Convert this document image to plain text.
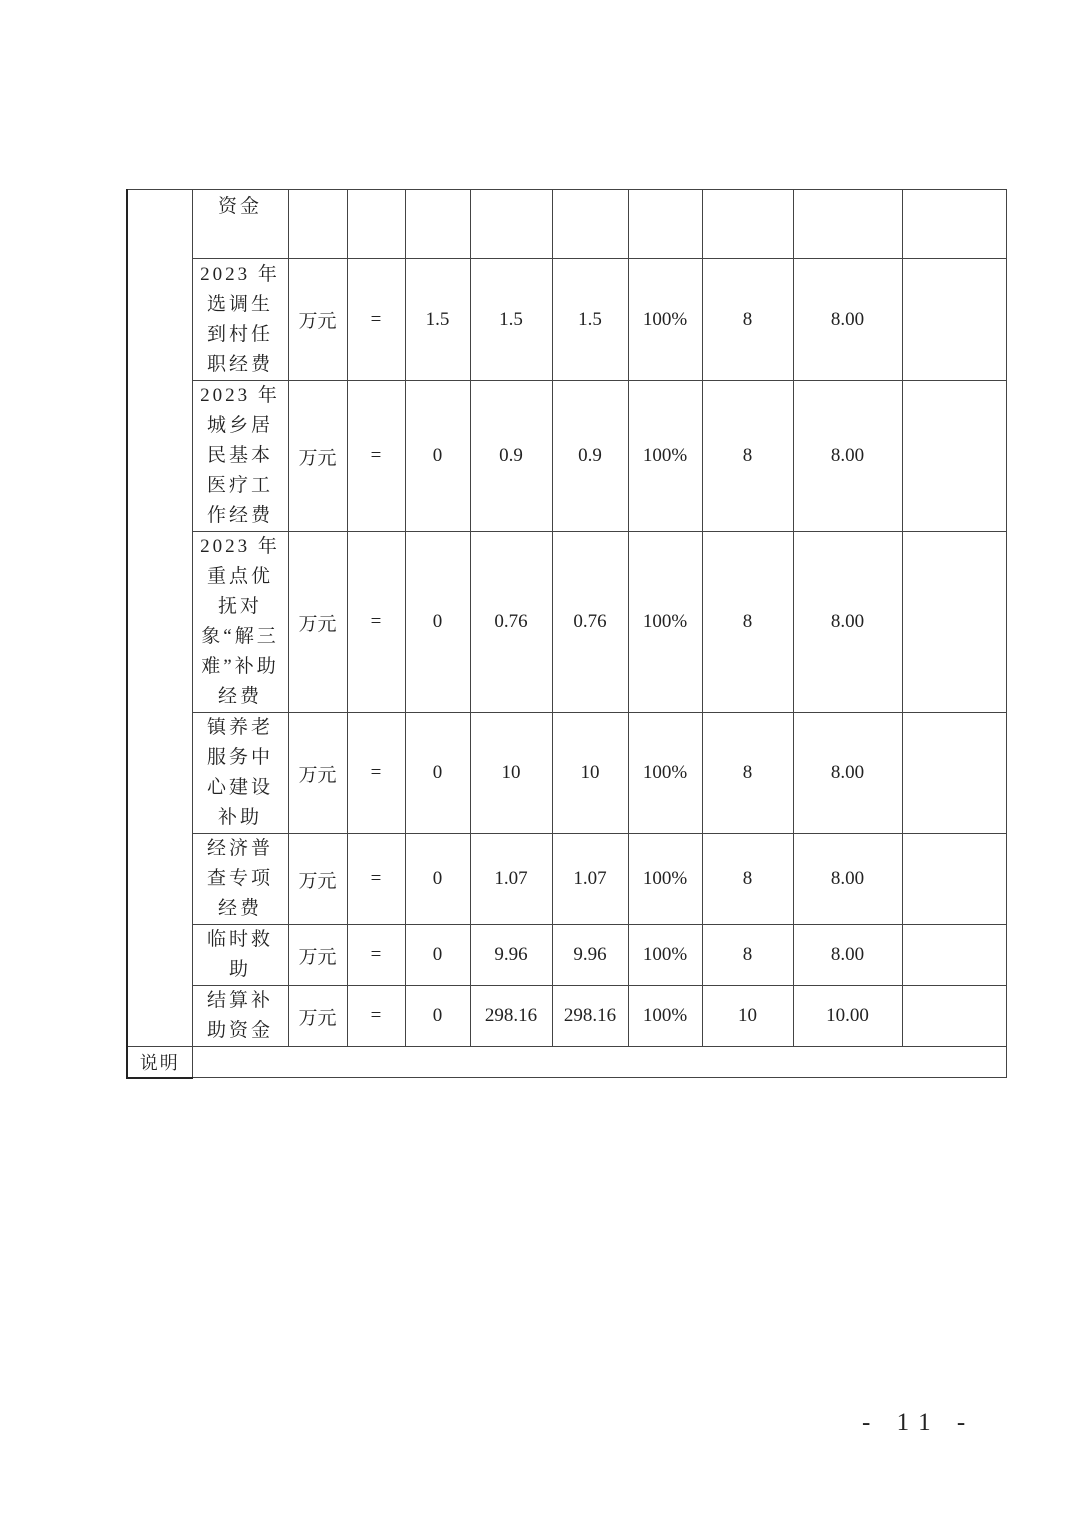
	资金									
	2023 年选调生到村任职经费	万元	=	1.5	1.5	1.5	100%	8	8.00	
	2023 年城乡居民基本医疗工作经费	万元	=	0	0.9	0.9	100%	8	8.00	
	2023 年重点优抚对象“解三难”补助经费	万元	=	0	0.76	0.76	100%	8	8.00	
	镇养老服务中心建设补助	万元	=	0	10	10	100%	8	8.00	
	经济普查专项经费	万元	=	0	1.07	1.07	100%	8	8.00	
	临时救助	万元	=	0	9.96	9.96	100%	8	8.00	
	结算补助资金	万元	=	0	298.16	298.16	100%	10	10.00	
说明										
- 11 -
